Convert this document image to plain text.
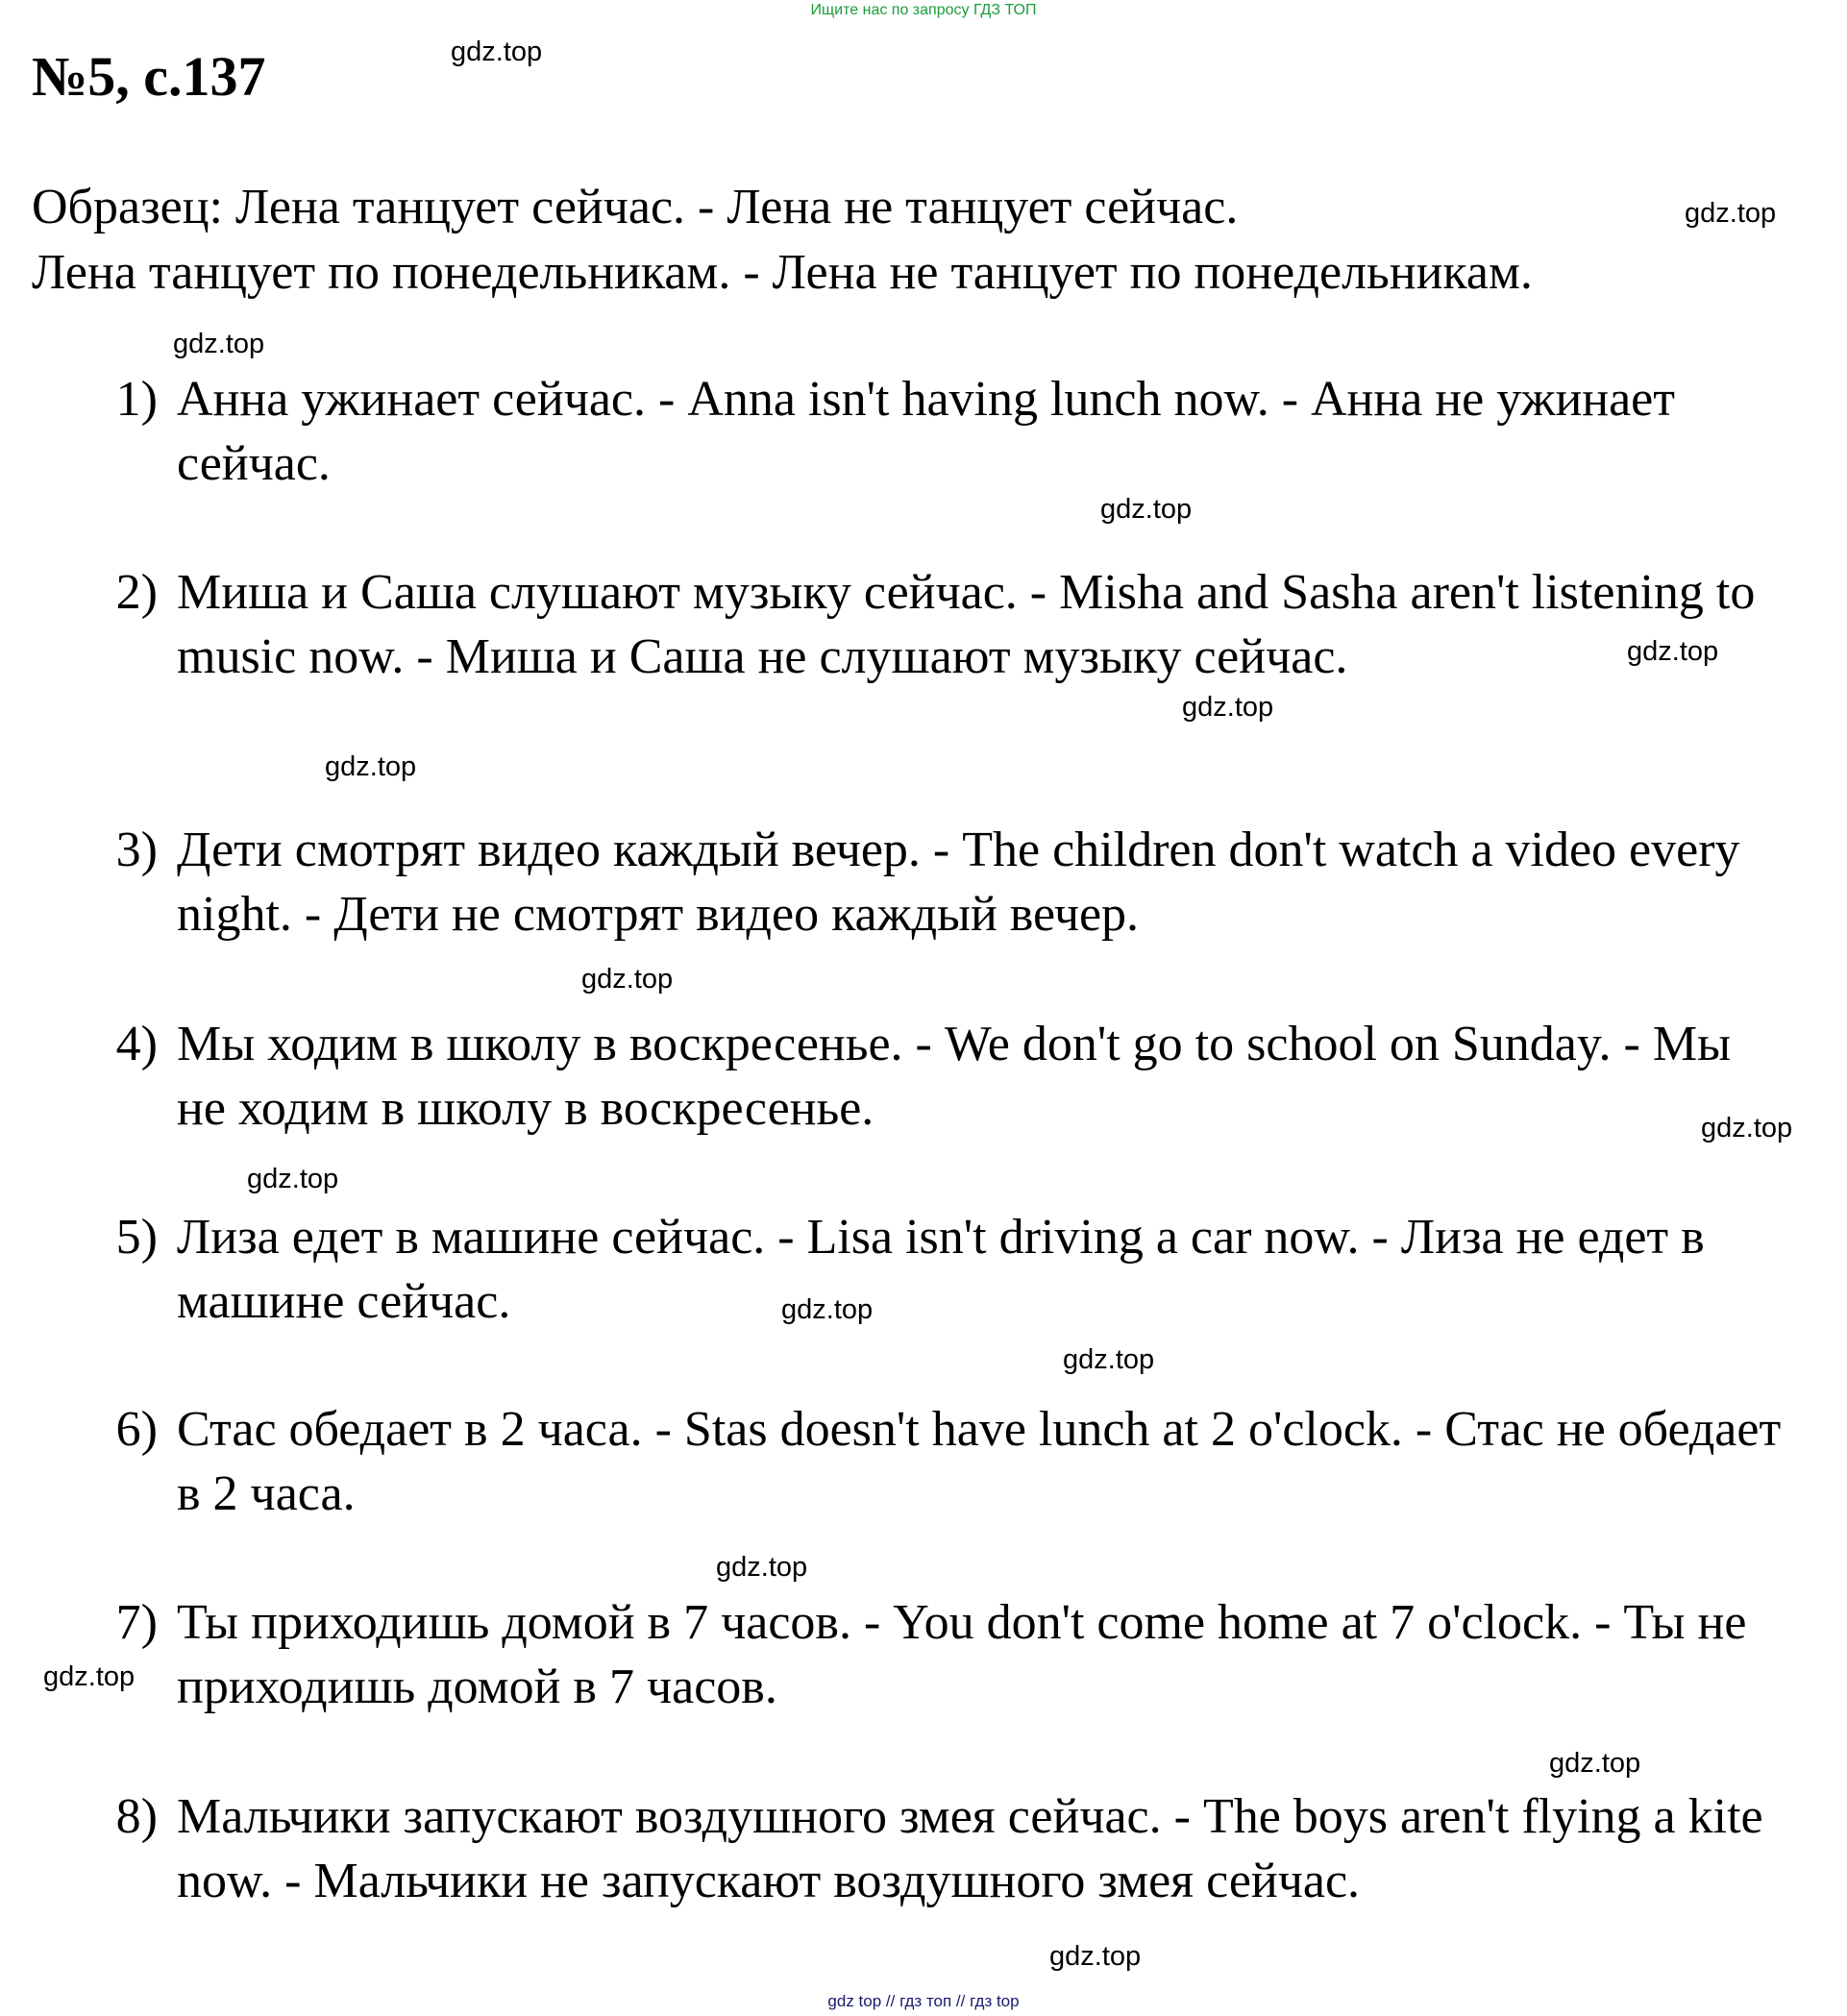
Ищите нас по запросу ГДЗ ТОП
№5, с.137

Образец: Лена танцует сейчас. - Лена не танцует сейчас.

Лена танцует по понедельникам. - Лена не танцует по понедельникам.

1) Анна ужинает сейчас. - Anna isn't having lunch now. - Анна не ужинает сейчас.
2) Миша и Саша слушают музыку сейчас. - Misha and Sasha aren't listening to music now. - Миша и Саша не слушают музыку сейчас.
3) Дети смотрят видео каждый вечер. - The children don't watch a video every night. - Дети не смотрят видео каждый вечер.
4) Мы ходим в школу в воскресенье. - We don't go to school on Sunday. - Мы не ходим в школу в воскресенье.
5) Лиза едет в машине сейчас. - Lisa isn't driving a car now. - Лиза не едет в машине сейчас.
6) Стас обедает в 2 часа. - Stas doesn't have lunch at 2 o'clock. - Стас не обедает в 2 часа.
7) Ты приходишь домой в 7 часов. - You don't come home at 7 o'clock. - Ты не приходишь домой в 7 часов.
8) Мальчики запускают воздушного змея сейчас. - The boys aren't flying a kite now. - Мальчики не запускают воздушного змея сейчас.
gdz.top
gdz.top
gdz.top
gdz.top
gdz.top
gdz.top
gdz.top
gdz.top
gdz.top
gdz.top
gdz.top
gdz.top
gdz.top
gdz.top
gdz.top
gdz.top
gdz top // гдз топ // гдз top
